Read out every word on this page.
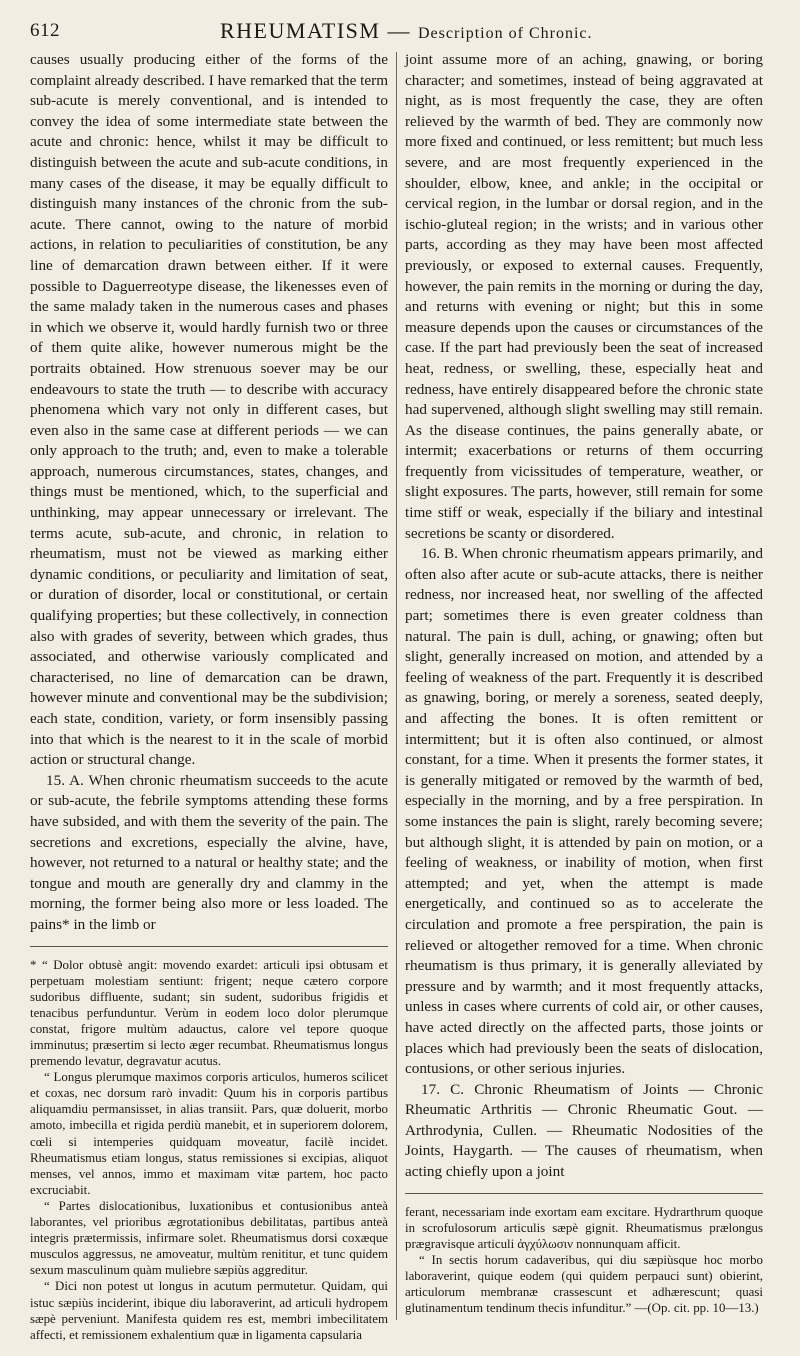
612	RHEUMATISM — Description of Chronic.

causes usually producing either of the forms of the complaint already described. I have remarked that the term sub-acute is merely conventional, and is intended to convey the idea of some intermediate state between the acute and chronic: hence, whilst it may be difficult to distinguish between the acute and sub-acute conditions, in many cases of the disease, it may be equally difficult to distinguish many instances of the chronic from the sub-acute. There cannot, owing to the nature of morbid actions, in relation to peculiarities of constitution, be any line of demarcation drawn between either. If it were possible to Daguerreotype disease, the likenesses even of the same malady taken in the numerous cases and phases in which we observe it, would hardly furnish two or three of them quite alike, however numerous might be the portraits obtained. How strenuous soever may be our endeavours to state the truth — to describe with accuracy phenomena which vary not only in different cases, but even also in the same case at different periods — we can only approach to the truth; and, even to make a tolerable approach, numerous circumstances, states, changes, and things must be mentioned, which, to the superficial and unthinking, may appear unnecessary or irrelevant. The terms acute, sub-acute, and chronic, in relation to rheumatism, must not be viewed as marking either dynamic conditions, or peculiarity and limitation of seat, or duration of disorder, local or constitutional, or certain qualifying properties; but these collectively, in connection also with grades of severity, between which grades, thus associated, and otherwise variously complicated and characterised, no line of demarcation can be drawn, however minute and conventional may be the subdivision; each state, condition, variety, or form insensibly passing into that which is the nearest to it in the scale of morbid action or structural change.

15. A. When chronic rheumatism succeeds to the acute or sub-acute, the febrile symptoms attending these forms have subsided, and with them the severity of the pain. The secretions and excretions, especially the alvine, have, however, not returned to a natural or healthy state; and the tongue and mouth are generally dry and clammy in the morning, the former being also more or less loaded. The pains* in the limb or

* “ Dolor obtusè angit: movendo exardet: articuli ipsi obtusam et perpetuam molestiam sentiunt: frigent; neque cætero corpore sudoribus diffluente, sudant; sin sudent, sudoribus frigidis et tenacibus perfunduntur. Verùm in eodem loco dolor plerumque constat, frigore multùm adauctus, calore vel tepore quoque imminutus; præsertim si lecto æger recumbat. Rheumatismus longus premendo levatur, degravatur acutus.

“ Longus plerumque maximos corporis articulos, humeros scilicet et coxas, nec dorsum rarò invadit: Quum his in corporis partibus aliquamdiu permansisset, in alias transiit. Pars, quæ doluerit, morbo amoto, imbecilla et rigida perdiù manebit, et in superiorem dolorem, cœli si intemperies quidquam moveatur, facilè incidet. Rheumatismus etiam longus, status remissiones si excipias, aliquot menses, vel annos, immo et maximam vitæ partem, hoc pacto excruciabit.

“ Partes dislocationibus, luxationibus et contusionibus anteà laborantes, vel prioribus ægrotationibus debilitatas, partibus anteà integris prætermissis, infirmare solet. Rheumatismus dorsi coxæque musculos aggressus, ne amoveatur, multùm renititur, et tunc quidem sexum masculinum quàm muliebre sæpiùs aggreditur.

“ Dici non potest ut longus in acutum permutetur. Quidam, qui istuc sæpiùs inciderint, ibique diu laboraverint, ad articuli hydropem sæpè perveniunt. Manifesta quidem res est, membri imbecilitatem affecti, et remissionem exhalentium quæ in ligamenta capsularia

joint assume more of an aching, gnawing, or boring character; and sometimes, instead of being aggravated at night, as is most frequently the case, they are often relieved by the warmth of bed. They are commonly now more fixed and continued, or less remittent; but much less severe, and are most frequently experienced in the shoulder, elbow, knee, and ankle; in the occipital or cervical region, in the lumbar or dorsal region, and in the ischio-gluteal region; in the wrists; and in various other parts, according as they may have been most affected previously, or exposed to external causes. Frequently, however, the pain remits in the morning or during the day, and returns with evening or night; but this in some measure depends upon the causes or circumstances of the case. If the part had previously been the seat of increased heat, redness, or swelling, these, especially heat and redness, have entirely disappeared before the chronic state had supervened, although slight swelling may still remain. As the disease continues, the pains generally abate, or intermit; exacerbations or returns of them occurring frequently from vicissitudes of temperature, weather, or slight exposures. The parts, however, still remain for some time stiff or weak, especially if the biliary and intestinal secretions be scanty or disordered.

16. B. When chronic rheumatism appears primarily, and often also after acute or sub-acute attacks, there is neither redness, nor increased heat, nor swelling of the affected part; sometimes there is even greater coldness than natural. The pain is dull, aching, or gnawing; often but slight, generally increased on motion, and attended by a feeling of weakness of the part. Frequently it is described as gnawing, boring, or merely a soreness, seated deeply, and affecting the bones. It is often remittent or intermittent; but it is often also continued, or almost constant, for a time. When it presents the former states, it is generally mitigated or removed by the warmth of bed, especially in the morning, and by a free perspiration. In some instances the pain is slight, rarely becoming severe; but although slight, it is attended by pain on motion, or a feeling of weakness, or inability of motion, when first attempted; and yet, when the attempt is made energetically, and continued so as to accelerate the circulation and promote a free perspiration, the pain is relieved or altogether removed for a time. When chronic rheumatism is thus primary, it is generally alleviated by pressure and by warmth; and it most frequently attacks, unless in cases where currents of cold air, or other causes, have acted directly on the affected parts, those joints or places which had previously been the seats of dislocation, contusions, or other serious injuries.

17. C. Chronic Rheumatism of Joints — Chronic Rheumatic Arthritis — Chronic Rheumatic Gout. — Arthrodynia, Cullen. — Rheumatic Nodosities of the Joints, Haygarth. — The causes of rheumatism, when acting chiefly upon a joint

ferant, necessariam inde exortam eam excitare. Hydrarthrum quoque in scrofulosorum articulis sæpè gignit. Rheumatismus prælongus prægravisque articuli ἀγχύλωσιν nonnunquam afficit.

“ In sectis horum cadaveribus, qui diu sæpiùsque hoc morbo laboraverint, quique eodem (qui quidem perpauci sunt) obierint, articulorum membranæ crassescunt et adhærescunt; quasi glutinamentum tendinum thecis infunditur.” —(Op. cit. pp. 10—13.)
